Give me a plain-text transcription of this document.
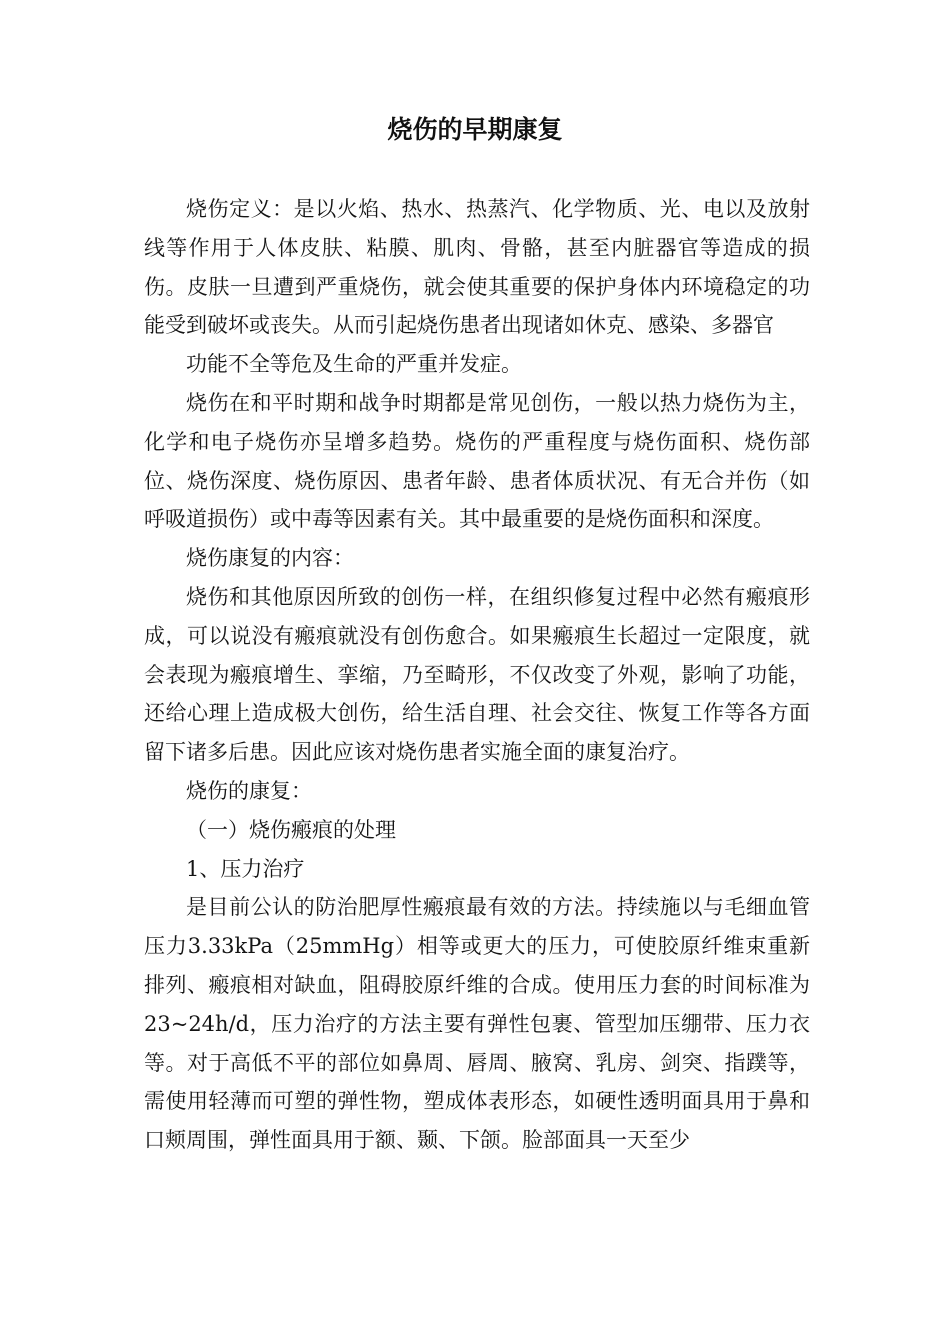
烧伤的早期康复

烧伤定义：是以火焰、热水、热蒸汽、化学物质、光、电以及放射线等作用于人体皮肤、粘膜、肌肉、骨骼，甚至内脏器官等造成的损伤。皮肤一旦遭到严重烧伤，就会使其重要的保护身体内环境稳定的功能受到破坏或丧失。从而引起烧伤患者出现诸如休克、感染、多器官

功能不全等危及生命的严重并发症。

烧伤在和平时期和战争时期都是常见创伤，一般以热力烧伤为主，化学和电子烧伤亦呈增多趋势。烧伤的严重程度与烧伤面积、烧伤部位、烧伤深度、烧伤原因、患者年龄、患者体质状况、有无合并伤（如呼吸道损伤）或中毒等因素有关。其中最重要的是烧伤面积和深度。

烧伤康复的内容：

烧伤和其他原因所致的创伤一样，在组织修复过程中必然有瘢痕形成，可以说没有瘢痕就没有创伤愈合。如果瘢痕生长超过一定限度，就会表现为瘢痕增生、挛缩，乃至畸形，不仅改变了外观，影响了功能，还给心理上造成极大创伤，给生活自理、社会交往、恢复工作等各方面留下诸多后患。因此应该对烧伤患者实施全面的康复治疗。

烧伤的康复：

（一）烧伤瘢痕的处理

1、压力治疗

是目前公认的防治肥厚性瘢痕最有效的方法。持续施以与毛细血管压力3.33kPa（25mmHg）相等或更大的压力，可使胶原纤维束重新排列、瘢痕相对缺血，阻碍胶原纤维的合成。使用压力套的时间标准为 23~24h/d，压力治疗的方法主要有弹性包裹、管型加压绷带、压力衣等。对于高低不平的部位如鼻周、唇周、腋窝、乳房、剑突、指蹼等，需使用轻薄而可塑的弹性物，塑成体表形态，如硬性透明面具用于鼻和口颊周围，弹性面具用于额、颞、下颌。脸部面具一天至少
